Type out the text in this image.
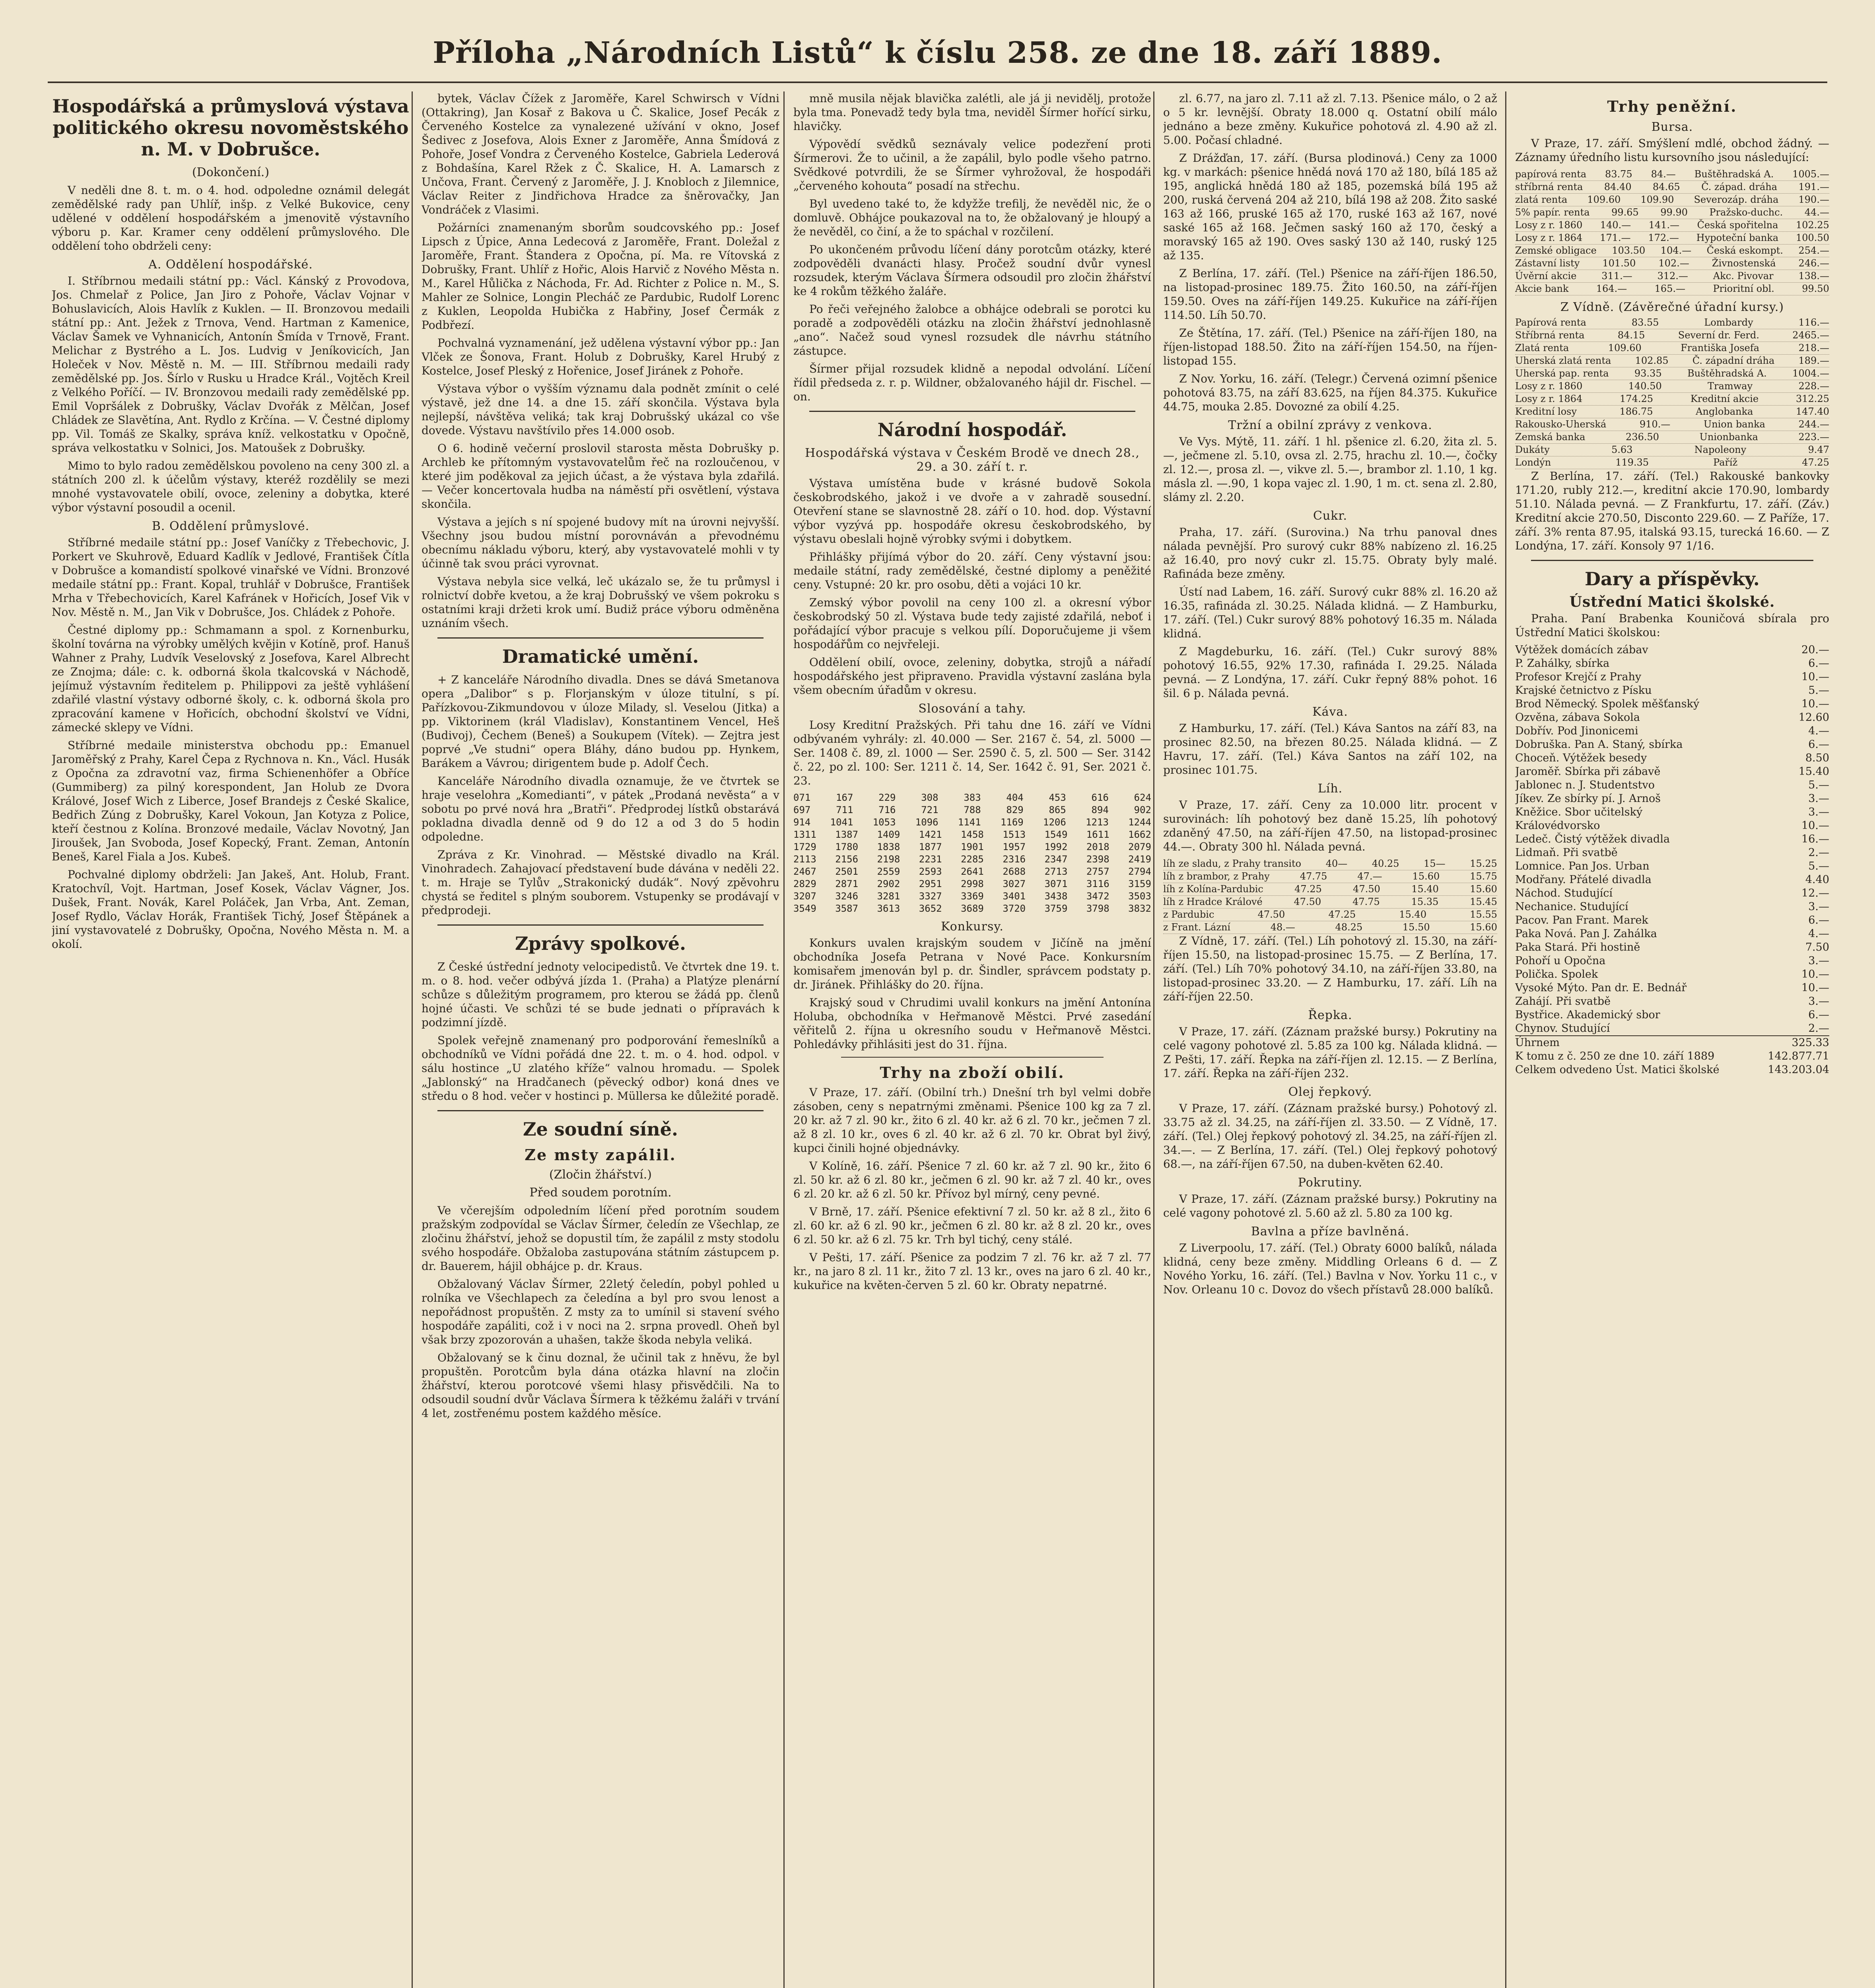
Příloha „Národních Listů“ k číslu 258. ze dne 18. září 1889.
Hospodářská a průmyslová výstava politického okresu novoměstského n. M. v Dobrušce.
(Dokončení.)

V neděli dne 8. t. m. o 4. hod. odpoledne oznámil delegát zemědělské rady pan Uhlíř, inšp. z Velké Bukovice, ceny udělené v oddělení hospodářském a jmenovitě výstavního výboru p. Kar. Kramer ceny oddělení průmyslového. Dle oddělení toho obdrželi ceny:

A. Oddělení hospodářské.

I. Stříbrnou medaili státní pp.: Václ. Kánský z Provodova, Jos. Chmelař z Police, Jan Jiro z Pohoře, Václav Vojnar v Bohuslavicích, Alois Havlík z Kuklen. — II. Bronzovou medaili státní pp.: Ant. Ježek z Trnova, Vend. Hartman z Kamenice, Václav Šamek ve Vyhnanicích, Antonín Šmída v Trnově, Frant. Melichar z Bystrého a L. Jos. Ludvig v Jeníkovicích, Jan Holeček v Nov. Městě n. M. — III. Stříbrnou medaili rady zemědělské pp. Jos. Šírlo v Rusku u Hradce Král., Vojtěch Kreil z Velkého Poříčí. — IV. Bronzovou medaili rady zemědělské pp. Emil Vopršálek z Dobrušky, Václav Dvořák z Mělčan, Josef Chládek ze Slavětína, Ant. Rydlo z Krčína. — V. Čestné diplomy pp. Vil. Tomáš ze Skalky, správa kníž. velkostatku v Opočně, správa velkostatku v Solnici, Jos. Matoušek z Dobrušky.

Mimo to bylo radou zemědělskou povoleno na ceny 300 zl. a státních 200 zl. k účelům výstavy, kteréž rozdělily se mezi mnohé vystavovatele obilí, ovoce, zeleniny a dobytka, které výbor výstavní posoudil a ocenil.

B. Oddělení průmyslové.

Stříbrné medaile státní pp.: Josef Vaníčky z Třebechovic, J. Porkert ve Skuhrově, Eduard Kadlík v Jedlové, František Čítla v Dobrušce a komandistí spolkové vinařské ve Vídni. Bronzové medaile státní pp.: Frant. Kopal, truhlář v Dobrušce, František Mrha v Třebechovicích, Karel Kafránek v Hořicích, Josef Vik v Nov. Městě n. M., Jan Vik v Dobrušce, Jos. Chládek z Pohoře.

Čestné diplomy pp.: Schmamann a spol. z Kornenburku, školní továrna na výrobky umělých kvějin v Kotíně, prof. Hanuš Wahner z Prahy, Ludvík Veselovský z Josefova, Karel Albrecht ze Znojma; dále: c. k. odborná škola tkalcovská v Náchodě, jejímuž výstavním ředitelem p. Philippovi za ještě vyhlášení zdařilé vlastní výstavy odborné školy, c. k. odborná škola pro zpracování kamene v Hořicích, obchodní školství ve Vídni, zámecké sklepy ve Vídni.

Stříbrné medaile ministerstva obchodu pp.: Emanuel Jaroměřský z Prahy, Karel Čepa z Rychnova n. Kn., Václ. Husák z Opočna za zdravotní vaz, firma Schienenhöfer a Obříce (Gummiberg) za pilný korespondent, Jan Holub ze Dvora Králové, Josef Wich z Liberce, Josef Brandejs z České Skalice, Bedřich Zúng z Dobrušky, Karel Vokoun, Jan Kotyza z Police, kteří čestnou z Kolína. Bronzové medaile, Václav Novotný, Jan Jiroušek, Jan Svoboda, Josef Kopecký, Frant. Zeman, Antonín Beneš, Karel Fiala a Jos. Kubeš.

Pochvalné diplomy obdrželi: Jan Jakeš, Ant. Holub, Frant. Kratochvíl, Vojt. Hartman, Josef Kosek, Václav Vágner, Jos. Dušek, Frant. Novák, Karel Poláček, Jan Vrba, Ant. Zeman, Josef Rydlo, Václav Horák, František Tichý, Josef Štěpánek a jiní vystavovatelé z Dobrušky, Opočna, Nového Města n. M. a okolí.

bytek, Václav Čížek z Jaroměře, Karel Schwirsch v Vídni (Ottakring), Jan Kosař z Bakova u Č. Skalice, Josef Pecák z Červeného Kostelce za vynalezené užívání v okno, Josef Šedivec z Josefova, Alois Exner z Jaroměře, Anna Šmídová z Pohoře, Josef Vondra z Červeného Kostelce, Gabriela Lederová z Bohdašína, Karel Ržek z Č. Skalice, H. A. Lamarsch z Unčova, Frant. Červený z Jaroměře, J. J. Knobloch z Jilemnice, Václav Reiter z Jindřichova Hradce za šněrovačky, Jan Vondráček z Vlasimi.

Požárníci znamenaným sborům soudcovského pp.: Josef Lipsch z Úpice, Anna Ledecová z Jaroměře, Frant. Doležal z Jaroměře, Frant. Štandera z Opočna, pí. Ma. re Vítovská z Dobrušky, Frant. Uhlíř z Hořic, Alois Harvič z Nového Města n. M., Karel Hůlička z Náchoda, Fr. Ad. Richter z Police n. M., S. Mahler ze Solnice, Longin Plecháč ze Pardubic, Rudolf Lorenc z Kuklen, Leopolda Hubička z Habřiny, Josef Čermák z Podbřezí.

Pochvalná vyznamenání, jež udělena výstavní výbor pp.: Jan Vlček ze Šonova, Frant. Holub z Dobrušky, Karel Hrubý z Kostelce, Josef Pleský z Hořenice, Josef Jiránek z Pohoře.

Výstava výbor o vyšším významu dala podnět zmínit o celé výstavě, jež dne 14. a dne 15. září skončila. Výstava byla nejlepší, návštěva veliká; tak kraj Dobrušský ukázal co vše dovede. Výstavu navštívilo přes 14.000 osob.

O 6. hodině večerní proslovil starosta města Dobrušky p. Archleb ke přítomným vystavovatelům řeč na rozloučenou, v které jim poděkoval za jejich účast, a že výstava byla zdařilá. — Večer koncertovala hudba na náměstí při osvětlení, výstava skončila.

Výstava a jejích s ní spojené budovy mít na úrovni nejvyšší. Všechny jsou budou místní porovnáván a převodnému obecnímu nákladu výboru, který, aby vystavovatelé mohli v ty účinně tak svou práci vyrovnat.

Výstava nebyla sice velká, leč ukázalo se, že tu průmysl i rolnictví dobře kvetou, a že kraj Dobrušský ve všem pokroku s ostatními kraji držeti krok umí. Budiž práce výboru odměněna uznáním všech.

Dramatické umění.

+ Z kanceláře Národního divadla. Dnes se dává Smetanova opera „Dalibor“ s p. Florjanským v úloze titulní, s pí. Pařízkovou-Zikmundovou v úloze Milady, sl. Veselou (Jitka) a pp. Viktorinem (král Vladislav), Konstantinem Vencel, Heš (Budivoj), Čechem (Beneš) a Soukupem (Vítek). — Zejtra jest poprvé „Ve studni“ opera Bláhy, dáno budou pp. Hynkem, Barákem a Vávrou; dirigentem bude p. Adolf Čech.

Kanceláře Národního divadla oznamuje, že ve čtvrtek se hraje veselohra „Komedianti“, v pátek „Prodaná nevěsta“ a v sobotu po prvé nová hra „Bratři“. Předprodej lístků obstarává pokladna divadla denně od 9 do 12 a od 3 do 5 hodin odpoledne.

Zpráva z Kr. Vinohrad. — Městské divadlo na Král. Vinohradech. Zahajovací představení bude dávána v neděli 22. t. m. Hraje se Tylův „Strakonický dudák“. Nový zpěvohru chystá se ředitel s plným souborem. Vstupenky se prodávají v předprodeji.

Zprávy spolkové.

Z České ústřední jednoty velocipedistů. Ve čtvrtek dne 19. t. m. o 8. hod. večer odbývá jízda 1. (Praha) a Platýze plenární schůze s důležitým programem, pro kterou se žádá pp. členů hojné účasti. Ve schůzi té se bude jednati o přípravách k podzimní jízdě.

Spolek veřejně znamenaný pro podporování řemeslníků a obchodníků ve Vídni pořádá dne 22. t. m. o 4. hod. odpol. v sálu hostince „U zlatého kříže“ valnou hromadu. — Spolek „Jablonský“ na Hradčanech (pěvecký odbor) koná dnes ve středu o 8 hod. večer v hostinci p. Müllersa ke důležité poradě.

Ze soudní síně.
Ze msty zapálil.
(Zločin žhářství.)
Před soudem porotním.

Ve včerejším odpoledním líčení před porotním soudem pražským zodpovídal se Václav Šírmer, čeledín ze Všechlap, ze zločinu žhářství, jehož se dopustil tím, že zapálil z msty stodolu svého hospodáře. Obžaloba zastupována státním zástupcem p. dr. Bauerem, hájil obhájce p. dr. Kraus.

Obžalovaný Václav Šírmer, 22letý čeledín, pobyl pohled u rolníka ve Všechlapech za čeledína a byl pro svou lenost a nepořádnost propuštěn. Z msty za to umínil si stavení svého hospodáře zapáliti, což i v noci na 2. srpna provedl. Oheň byl však brzy zpozorován a uhašen, takže škoda nebyla veliká.

Obžalovaný se k činu doznal, že učinil tak z hněvu, že byl propuštěn. Porotcům byla dána otázka hlavní na zločin žhářství, kterou porotcové všemi hlasy přisvědčili. Na to odsoudil soudní dvůr Václava Šírmera k těžkému žaláři v trvání 4 let, zostřenému postem každého měsíce.

mně musila nějak blavička zalétli, ale já ji nevidělj, protože byla tma. Ponevadž tedy byla tma, neviděl Šírmer hořící sirku, hlavičky.

Výpovědí svědků seznávaly velice podezření proti Šírmerovi. Že to učinil, a že zapálil, bylo podle všeho patrno. Svědkové potvrdili, že se Šírmer vyhrožoval, že hospodáři „červeného kohouta“ posadí na střechu.

Byl uvedeno také to, že kdyžže trefilj, že nevěděl nic, že o domluvě. Obhájce poukazoval na to, že obžalovaný je hloupý a že nevěděl, co činí, a že to spáchal v rozčilení.

Po ukončeném průvodu líčení dány porotcům otázky, které zodpověděli dvanácti hlasy. Pročež soudní dvůr vynesl rozsudek, kterým Václava Šírmera odsoudil pro zločin žhářství ke 4 rokům těžkého žaláře.

Po řeči veřejného žalobce a obhájce odebrali se porotci ku poradě a zodpověděli otázku na zločin žhářství jednohlasně „ano“. Načež soud vynesl rozsudek dle návrhu státního zástupce.

Šírmer přijal rozsudek klidně a nepodal odvolání. Líčení řídil předseda z. r. p. Wildner, obžalovaného hájil dr. Fischel. —on.

Národní hospodář.
Hospodářská výstava v Českém Brodě ve dnech 28., 29. a 30. září t. r.

Výstava umístěna bude v krásné budově Sokola českobrodského, jakož i ve dvoře a v zahradě sousední. Otevření stane se slavnostně 28. září o 10. hod. dop. Výstavní výbor vyzývá pp. hospodáře okresu českobrodského, by výstavu obeslali hojně výrobky svými i dobytkem.

Přihlášky přijímá výbor do 20. září. Ceny výstavní jsou: medaile státní, rady zemědělské, čestné diplomy a peněžité ceny. Vstupné: 20 kr. pro osobu, děti a vojáci 10 kr.

Zemský výbor povolil na ceny 100 zl. a okresní výbor českobrodský 50 zl. Výstava bude tedy zajisté zdařilá, neboť i pořádající výbor pracuje s velkou pílí. Doporučujeme ji všem hospodářům co nejvřeleji.

Oddělení obilí, ovoce, zeleniny, dobytka, strojů a nářadí hospodářského jest připraveno. Pravidla výstavní zaslána byla všem obecním úřadům v okresu.

Slosování a tahy.

Losy Kreditní Pražských. Při tahu dne 16. září ve Vídni odbývaném vyhrály: zl. 40.000 — Ser. 2167 č. 54, zl. 5000 — Ser. 1408 č. 89, zl. 1000 — Ser. 2590 č. 5, zl. 500 — Ser. 3142 č. 22, po zl. 100: Ser. 1211 č. 14, Ser. 1642 č. 91, Ser. 2021 č. 23.

071	167	229	308	383	404	453	616	624
697	711	716	721	788	829	865	894	902
914 1041 1053 1096 1141 1169 1206 1213 1244
1311 1387 1409 1421 1458 1513 1549 1611 1662
1729 1780 1838 1877 1901 1957 1992 2018 2079
2113 2156 2198 2231 2285 2316 2347 2398 2419
2467 2501 2559 2593 2641 2688 2713 2757 2794
2829 2871 2902 2951 2998 3027 3071 3116 3159
3207 3246 3281 3327 3369 3401 3438 3472 3503
3549 3587 3613 3652 3689 3720 3759 3798 3832
Konkursy.

Konkurs uvalen krajským soudem v Jičíně na jmění obchodníka Josefa Petrana v Nové Pace. Konkursním komisařem jmenován byl p. dr. Šindler, správcem podstaty p. dr. Jiránek. Přihlášky do 20. října.

Krajský soud v Chrudimi uvalil konkurs na jmění Antonína Holuba, obchodníka v Heřmanově Městci. Prvé zasedání věřitelů 2. října u okresního soudu v Heřmanově Městci. Pohledávky přihlásiti jest do 31. října.

Trhy na zboží obilí.

V Praze, 17. září. (Obilní trh.) Dnešní trh byl velmi dobře zásoben, ceny s nepatrnými změnami. Pšenice 100 kg za 7 zl. 20 kr. až 7 zl. 90 kr., žito 6 zl. 40 kr. až 6 zl. 70 kr., ječmen 7 zl. až 8 zl. 10 kr., oves 6 zl. 40 kr. až 6 zl. 70 kr. Obrat byl živý, kupci činili hojné objednávky.

V Kolíně, 16. září. Pšenice 7 zl. 60 kr. až 7 zl. 90 kr., žito 6 zl. 50 kr. až 6 zl. 80 kr., ječmen 6 zl. 90 kr. až 7 zl. 40 kr., oves 6 zl. 20 kr. až 6 zl. 50 kr. Přívoz byl mírný, ceny pevné.

V Brně, 17. září. Pšenice efektivní 7 zl. 50 kr. až 8 zl., žito 6 zl. 60 kr. až 6 zl. 90 kr., ječmen 6 zl. 80 kr. až 8 zl. 20 kr., oves 6 zl. 50 kr. až 6 zl. 75 kr. Trh byl tichý, ceny stálé.

V Pešti, 17. září. Pšenice za podzim 7 zl. 76 kr. až 7 zl. 77 kr., na jaro 8 zl. 11 kr., žito 7 zl. 13 kr., oves na jaro 6 zl. 40 kr., kukuřice na květen-červen 5 zl. 60 kr. Obraty nepatrné.

zl. 6.77, na jaro zl. 7.11 až zl. 7.13. Pšenice málo, o 2 až o 5 kr. levnější. Obraty 18.000 q. Ostatní obilí málo jednáno a beze změny. Kukuřice pohotová zl. 4.90 až zl. 5.00. Počasí chladné.

Z Drážďan, 17. září. (Bursa plodinová.) Ceny za 1000 kg. v markách: pšenice hnědá nová 170 až 180, bílá 185 až 195, anglická hnědá 180 až 185, pozemská bílá 195 až 200, ruská červená 204 až 210, bílá 198 až 208. Žito saské 163 až 166, pruské 165 až 170, ruské 163 až 167, nové saské 165 až 168. Ječmen saský 160 až 170, český a moravský 165 až 190. Oves saský 130 až 140, ruský 125 až 135.

Z Berlína, 17. září. (Tel.) Pšenice na září-říjen 186.50, na listopad-prosinec 189.75. Žito 160.50, na září-říjen 159.50. Oves na září-říjen 149.25. Kukuřice na září-říjen 114.50. Líh 50.70.

Ze Štětína, 17. září. (Tel.) Pšenice na září-říjen 180, na říjen-listopad 188.50. Žito na září-říjen 154.50, na říjen-listopad 155.

Z Nov. Yorku, 16. září. (Telegr.) Červená ozimní pšenice pohotová 83.75, na září 83.625, na říjen 84.375. Kukuřice 44.75, mouka 2.85. Dovozné za obilí 4.25.

Tržní a obilní zprávy z venkova.

Ve Vys. Mýtě, 11. září. 1 hl. pšenice zl. 6.20, žita zl. 5.—, ječmene zl. 5.10, ovsa zl. 2.75, hrachu zl. 10.—, čočky zl. 12.—, prosa zl. —, vikve zl. 5.—, brambor zl. 1.10, 1 kg. másla zl. —.90, 1 kopa vajec zl. 1.90, 1 m. ct. sena zl. 2.80, slámy zl. 2.20.

Cukr.

Praha, 17. září. (Surovina.) Na trhu panoval dnes nálada pevnější. Pro surový cukr 88% nabízeno zl. 16.25 až 16.40, pro nový cukr zl. 15.75. Obraty byly malé. Rafináda beze změny.

Ústí nad Labem, 16. září. Surový cukr 88% zl. 16.20 až 16.35, rafináda zl. 30.25. Nálada klidná. — Z Hamburku, 17. září. (Tel.) Cukr surový 88% pohotový 16.35 m. Nálada klidná.

Z Magdeburku, 16. září. (Tel.) Cukr surový 88% pohotový 16.55, 92% 17.30, rafináda I. 29.25. Nálada pevná. — Z Londýna, 17. září. Cukr řepný 88% pohot. 16 šil. 6 p. Nálada pevná.

Káva.

Z Hamburku, 17. září. (Tel.) Káva Santos na září 83, na prosinec 82.50, na březen 80.25. Nálada klidná. — Z Havru, 17. září. (Tel.) Káva Santos na září 102, na prosinec 101.75.

Líh.

V Praze, 17. září. Ceny za 10.000 litr. procent v surovinách: líh pohotový bez daně 15.25, líh pohotový zdaněný 47.50, na září-říjen 47.50, na listopad-prosinec 44.—. Obraty 300 hl. Nálada pevná.

líh ze sladu, z Prahy transito	40—	40.25	15—	15.25
líh z brambor, z Prahy	47.75	47.—	15.60	15.75
líh z Kolína-Pardubic	47.25	47.50	15.40	15.60
líh z Hradce Králové	47.50	47.75	15.35	15.45
z Pardubic	47.50	47.25	15.40	15.55
z Frant. Lázní	48.—	48.25	15.50	15.60

Z Vídně, 17. září. (Tel.) Líh pohotový zl. 15.30, na září-říjen 15.50, na listopad-prosinec 15.75. — Z Berlína, 17. září. (Tel.) Líh 70% pohotový 34.10, na září-říjen 33.80, na listopad-prosinec 33.20. — Z Hamburku, 17. září. Líh na září-říjen 22.50.

Řepka.

V Praze, 17. září. (Záznam pražské bursy.) Pokrutiny na celé vagony pohotové zl. 5.85 za 100 kg. Nálada klidná. — Z Pešti, 17. září. Řepka na září-říjen zl. 12.15. — Z Berlína, 17. září. Řepka na září-říjen 232.

Olej řepkový.

V Praze, 17. září. (Záznam pražské bursy.) Pohotový zl. 33.75 až zl. 34.25, na září-říjen zl. 33.50. — Z Vídně, 17. září. (Tel.) Olej řepkový pohotový zl. 34.25, na září-říjen zl. 34.—. — Z Berlína, 17. září. (Tel.) Olej řepkový pohotový 68.—, na září-říjen 67.50, na duben-květen 62.40.

Pokrutiny.

V Praze, 17. září. (Záznam pražské bursy.) Pokrutiny na celé vagony pohotové zl. 5.60 až zl. 5.80 za 100 kg.

Bavlna a příze bavlněná.

Z Liverpoolu, 17. září. (Tel.) Obraty 6000 balíků, nálada klidná, ceny beze změny. Middling Orleans 6 d. — Z Nového Yorku, 16. září. (Tel.) Bavlna v Nov. Yorku 11 c., v Nov. Orleanu 10 c. Dovoz do všech přístavů 28.000 balíků.

Trhy peněžní.
Bursa.

V Praze, 17. září. Smýšlení mdlé, obchod žádný. — Záznamy úředního listu kursovního jsou následující:

papírová renta 83.75 84.— Buštěhradská A. 1005.—
stříbrná renta 84.40 84.65 Č. západ. dráha 191.—
zlatá renta 109.60 109.90 Severozáp. dráha 190.—
5% papír. renta 99.65 99.90 Pražsko-duchc. 44.—
Losy z r. 1860 140.— 141.— Česká spořitelna 102.25
Losy z r. 1864 171.— 172.— Hypoteční banka 100.50
Zemské obligace 103.50 104.— Česká eskompt. 254.—
Zástavní listy 101.50 102.— Živnostenská 246.—
Úvěrní akcie	311.—	312.—	Akc. Pivovar	138.—
Akcie bank	164.—	165.—	Prioritní obl.	99.50
Z Vídně. (Závěrečné úřadní kursy.)
Papírová renta	83.55	Lombardy	116.—
Stříbrná renta	84.15	Severní dr. Ferd.	2465.—
Zlatá renta	109.60	Františka Josefa	218.—
Uherská zlatá renta	102.85	Č. západní dráha	189.—
Uherská pap. renta	93.35	Buštěhradská A.	1004.—
Losy z r. 1860	140.50	Tramway	228.—
Losy z r. 1864	174.25	Kreditní akcie	312.25
Kreditní losy	186.75	Anglobanka	147.40
Rakousko-Uherská	910.—	Union banka	244.—
Zemská banka	236.50	Unionbanka	223.—
Dukáty	5.63	Napoleony	9.47
Londýn	119.35	Paříž	47.25

Z Berlína, 17. září. (Tel.) Rakouské bankovky 171.20, rubly 212.—, kreditní akcie 170.90, lombardy 51.10. Nálada pevná. — Z Frankfurtu, 17. září. (Záv.) Kreditní akcie 270.50, Disconto 229.60. — Z Paříže, 17. září. 3% renta 87.95, italská 93.15, turecká 16.60. — Z Londýna, 17. září. Konsoly 97 1/16.

Dary a příspěvky.
Ústřední Matici školské.

Praha. Paní Brabenka Kouničová sbírala pro Ústřední Matici školskou:

Výtěžek domácích zábav	20.—
P. Zahálky, sbírka	6.—
Profesor Krejčí z Prahy	10.—
Krajské četnictvo z Písku	5.—
Brod Německý. Spolek měšťanský	10.—
Ozvěna, zábava Sokola	12.60
Dobřív. Pod Jinonicemi	4.—
Dobruška. Pan A. Staný, sbírka	6.—
Choceň. Výtěžek besedy	8.50
Jaroměř. Sbírka při zábavě	15.40
Jablonec n. J. Studentstvo	5.—
Jíkev. Ze sbírky pí. J. Arnoš	3.—
Kněžice. Sbor učitelský	3.—
Královédvorsko	10.—
Ledeč. Čistý výtěžek divadla	16.—
Lidmaň. Při svatbě	2.—
Lomnice. Pan Jos. Urban	5.—
Modřany. Přátelé divadla	4.40
Náchod. Studující	12.—
Nechanice. Studující	3.—
Pacov. Pan Frant. Marek	6.—
Paka Nová. Pan J. Zahálka	4.—
Paka Stará. Při hostině	7.50
Pohoří u Opočna	3.—
Polička. Spolek	10.—
Vysoké Mýto. Pan dr. E. Bednář	10.—
Zahájí. Při svatbě	3.—
Bystřice. Akademický sbor	6.—
Chynov. Studující	2.—
Úhrnem	325.33
K tomu z č. 250 ze dne 10. září 1889	142.877.71
Celkem odvedeno Úst. Matici školské	143.203.04
